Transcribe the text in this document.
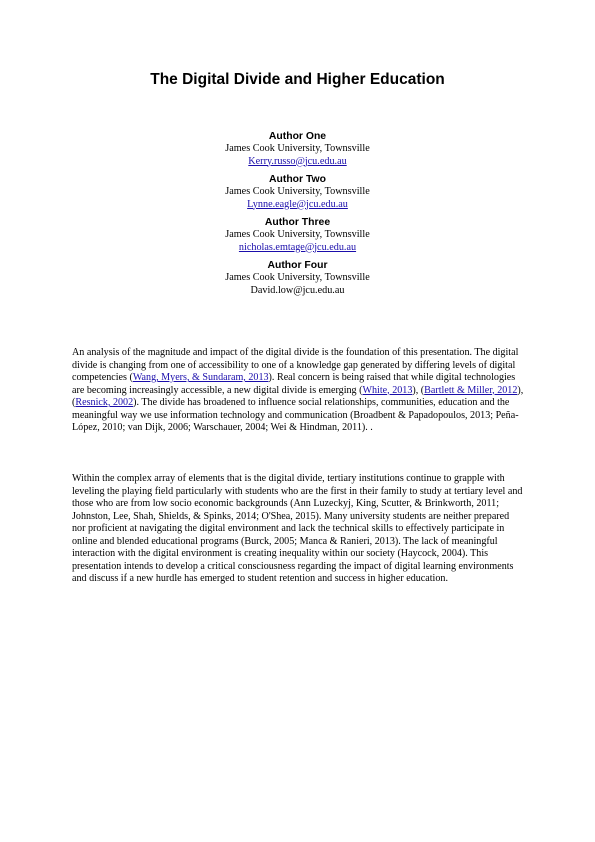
The Digital Divide and Higher Education
Author One
James Cook University, Townsville
Kerry.russo@jcu.edu.au
Author Two
James Cook University, Townsville
Lynne.eagle@jcu.edu.au
Author Three
James Cook University, Townsville
nicholas.emtage@jcu.edu.au
Author Four
James Cook University, Townsville
David.low@jcu.edu.au

An analysis of the magnitude and impact of the digital divide is the foundation of this presentation. The digital divide is changing from one of accessibility to one of a knowledge gap generated by differing levels of digital competencies (Wang, Myers, & Sundaram, 2013). Real concern is being raised that while digital technologies are becoming increasingly accessible, a new digital divide is emerging (White, 2013), (Bartlett & Miller, 2012), (Resnick, 2002). The divide has broadened to influence social relationships, communities, education and the meaningful way we use information technology and communication (Broadbent & Papadopoulos, 2013; Peña-López, 2010; van Dijk, 2006; Warschauer, 2004; Wei & Hindman, 2011). .

Within the complex array of elements that is the digital divide, tertiary institutions continue to grapple with leveling the playing field particularly with students who are the first in their family to study at tertiary level and those who are from low socio economic backgrounds (Ann Luzeckyj, King, Scutter, & Brinkworth, 2011; Johnston, Lee, Shah, Shields, & Spinks, 2014; O'Shea, 2015). Many university students are neither prepared nor proficient at navigating the digital environment and lack the technical skills to effectively participate in online and blended educational programs (Burck, 2005; Manca & Ranieri, 2013). The lack of meaningful interaction with the digital environment is creating inequality within our society (Haycock, 2004). This presentation intends to develop a critical consciousness regarding the impact of digital learning environments and discuss if a new hurdle has emerged to student retention and success in higher education.
